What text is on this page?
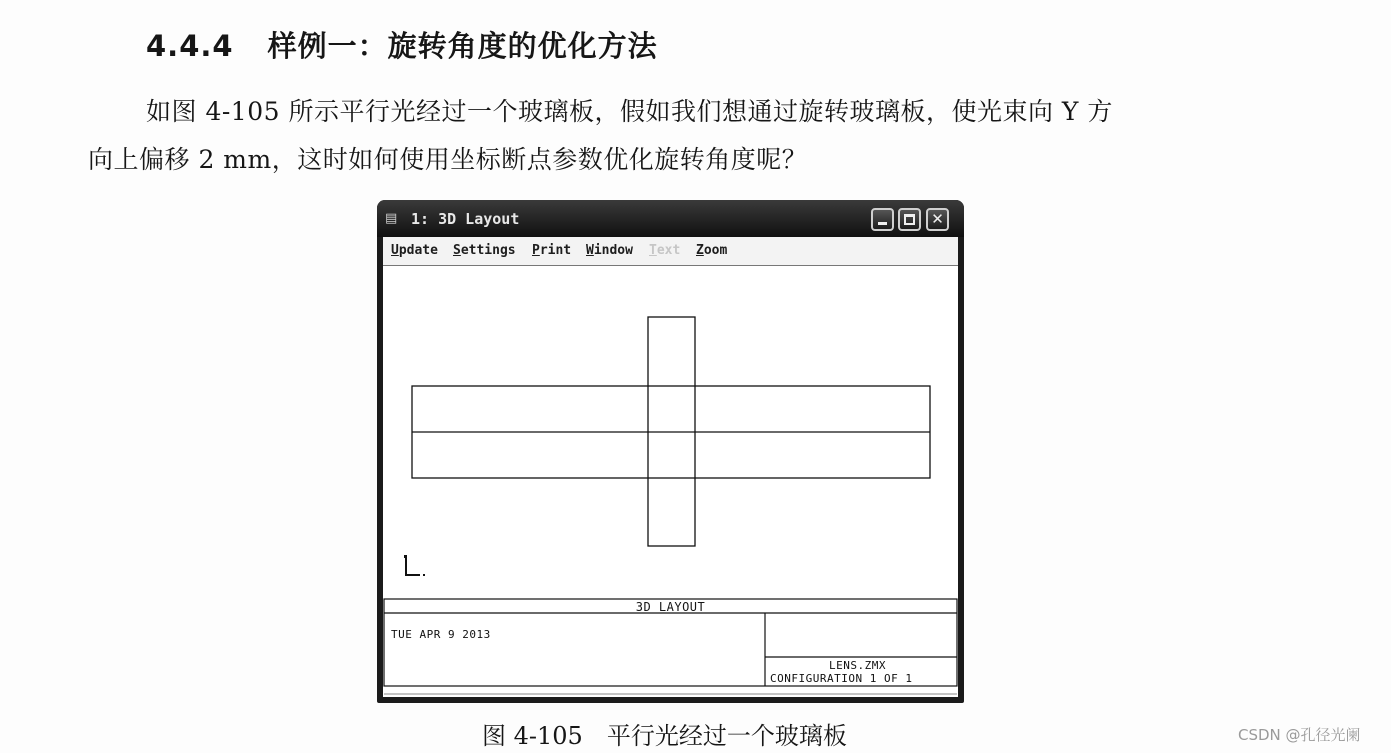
4.4.4 样例一：旋转角度的优化方法
如图 4-105 所示平行光经过一个玻璃板，假如我们想通过旋转玻璃板，使光束向 Y 方
向上偏移 2 mm，这时如何使用坐标断点参数优化旋转角度呢？
▤ 1: 3D Layout	✕
Update Settings Print Window Text Zoom
3D LAYOUT
TUE APR 9 2013
LENS.ZMX
CONFIGURATION 1 OF 1
图 4-105 平行光经过一个玻璃板	CSDN @孔径光阑
